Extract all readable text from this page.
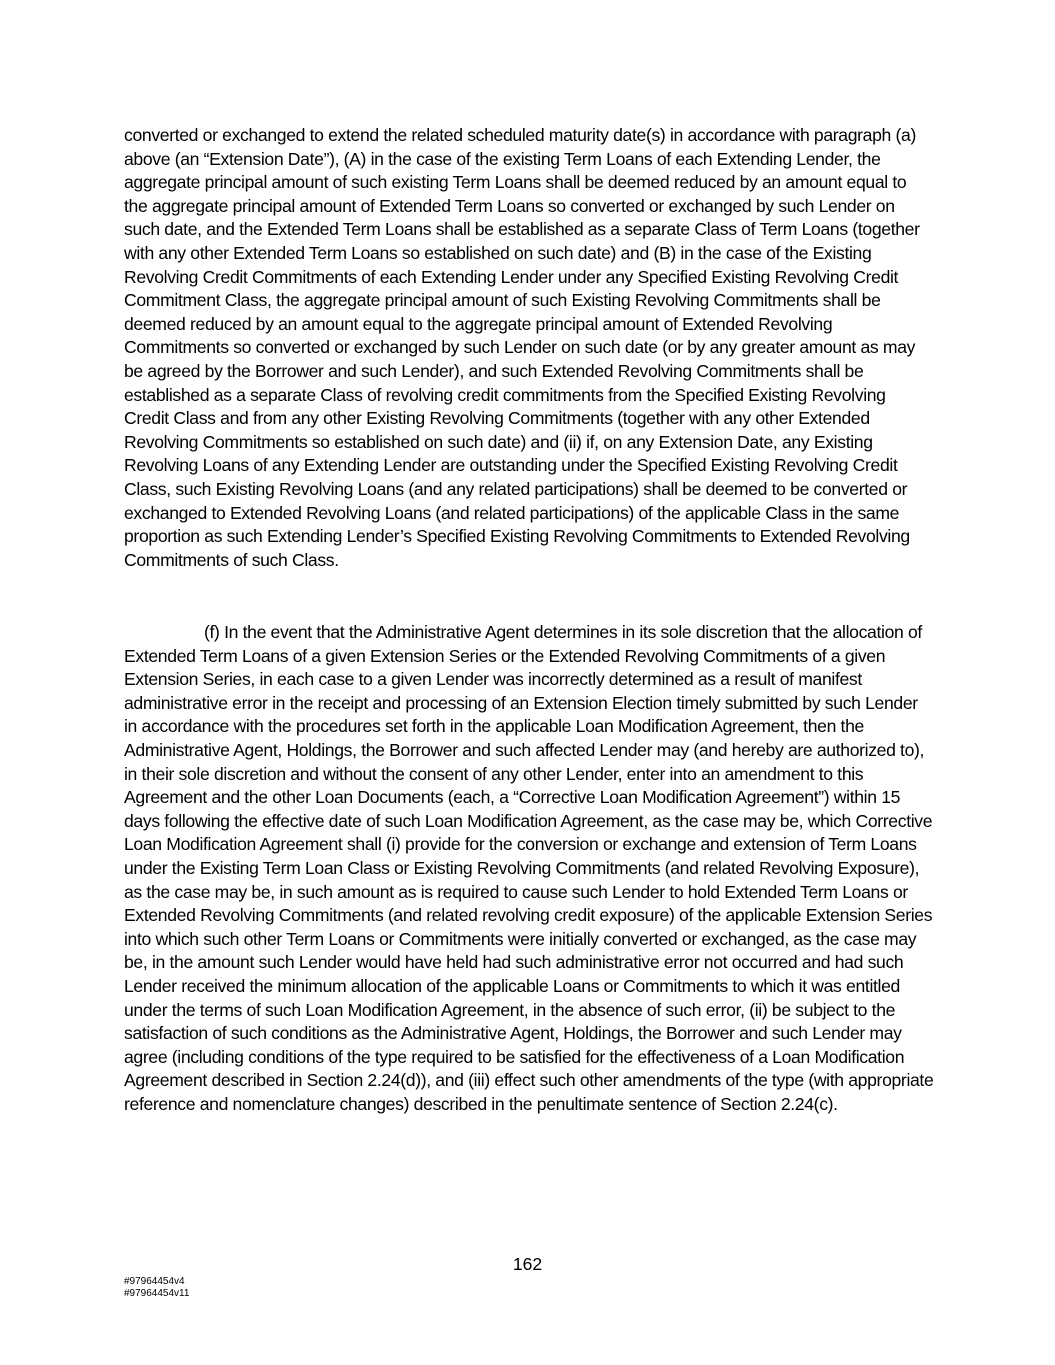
converted or exchanged to extend the related scheduled maturity date(s) in accordance with paragraph (a) above (an “Extension Date”), (A) in the case of the existing Term Loans of each Extending Lender, the aggregate principal amount of such existing Term Loans shall be deemed reduced by an amount equal to the aggregate principal amount of Extended Term Loans so converted or exchanged by such Lender on such date, and the Extended Term Loans shall be established as a separate Class of Term Loans (together with any other Extended Term Loans so established on such date) and (B) in the case of the Existing Revolving Credit Commitments of each Extending Lender under any Specified Existing Revolving Credit Commitment Class, the aggregate principal amount of such Existing Revolving Commitments shall be deemed reduced by an amount equal to the aggregate principal amount of Extended Revolving Commitments so converted or exchanged by such Lender on such date (or by any greater amount as may be agreed by the Borrower and such Lender), and such Extended Revolving Commitments shall be established as a separate Class of revolving credit commitments from the Specified Existing Revolving Credit Class and from any other Existing Revolving Commitments (together with any other Extended Revolving Commitments so established on such date) and (ii) if, on any Extension Date, any Existing Revolving Loans of any Extending Lender are outstanding under the Specified Existing Revolving Credit Class, such Existing Revolving Loans (and any related participations) shall be deemed to be converted or exchanged to Extended Revolving Loans (and related participations) of the applicable Class in the same proportion as such Extending Lender’s Specified Existing Revolving Commitments to Extended Revolving Commitments of such Class.

(f) In the event that the Administrative Agent determines in its sole discretion that the allocation of Extended Term Loans of a given Extension Series or the Extended Revolving Commitments of a given Extension Series, in each case to a given Lender was incorrectly determined as a result of manifest administrative error in the receipt and processing of an Extension Election timely submitted by such Lender in accordance with the procedures set forth in the applicable Loan Modification Agreement, then the Administrative Agent, Holdings, the Borrower and such affected Lender may (and hereby are authorized to), in their sole discretion and without the consent of any other Lender, enter into an amendment to this Agreement and the other Loan Documents (each, a “Corrective Loan Modification Agreement”) within 15 days following the effective date of such Loan Modification Agreement, as the case may be, which Corrective Loan Modification Agreement shall (i) provide for the conversion or exchange and extension of Term Loans under the Existing Term Loan Class or Existing Revolving Commitments (and related Revolving Exposure), as the case may be, in such amount as is required to cause such Lender to hold Extended Term Loans or Extended Revolving Commitments (and related revolving credit exposure) of the applicable Extension Series into which such other Term Loans or Commitments were initially converted or exchanged, as the case may be, in the amount such Lender would have held had such administrative error not occurred and had such Lender received the minimum allocation of the applicable Loans or Commitments to which it was entitled under the terms of such Loan Modification Agreement, in the absence of such error, (ii) be subject to the satisfaction of such conditions as the Administrative Agent, Holdings, the Borrower and such Lender may agree (including conditions of the type required to be satisfied for the effectiveness of a Loan Modification Agreement described in Section 2.24(d)), and (iii) effect such other amendments of the type (with appropriate reference and nomenclature changes) described in the penultimate sentence of Section 2.24(c).

162
#97964454v4
#97964454v11
